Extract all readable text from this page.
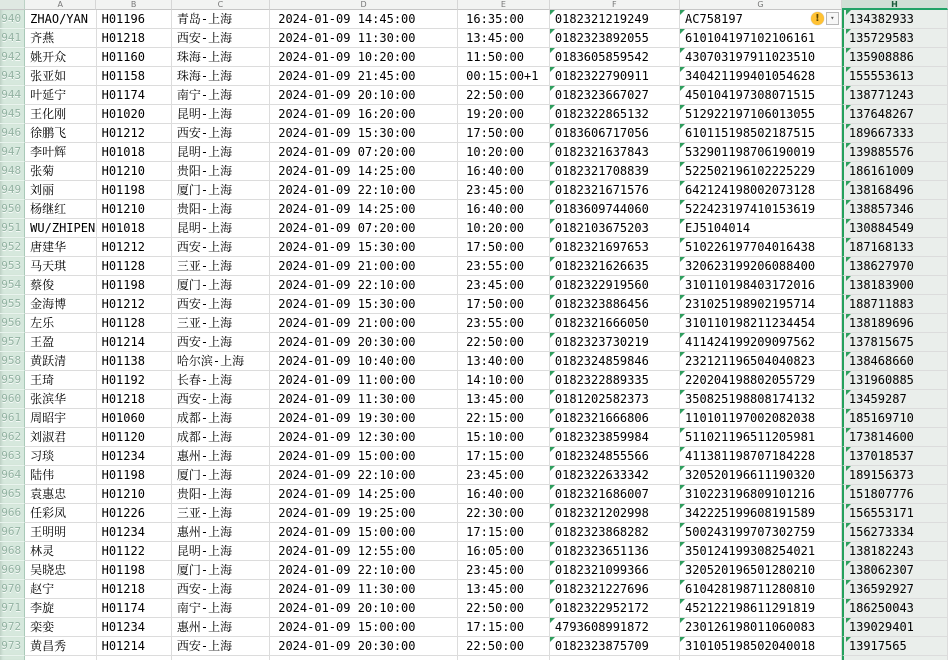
A	B	C	D	E	F	G	H
940 ZHAO/YAN	H01196	青岛-上海	2024-01-09 14:45:00	16:35:00	0182321219249	AC758197	!	▾	134382933
941 齐燕	H01218	西安-上海	2024-01-09 11:30:00	13:45:00	0182323892055	610104197102106161	135729583
942 姚开众	H01160	珠海-上海	2024-01-09 10:20:00	11:50:00	0183605859542	430703197911023510	135908886
943 张亚如	H01158	珠海-上海	2024-01-09 21:45:00	00:15:00+1	0182322790911	340421199401054628	155553613
944 叶延宁	H01174	南宁-上海	2024-01-09 20:10:00	22:50:00	0182323667027	450104197308071515	138771243
945 王化刚	H01020	昆明-上海	2024-01-09 16:20:00	19:20:00	0182322865132	512922197106013055	137648267
946 徐鹏飞	H01212	西安-上海	2024-01-09 15:30:00	17:50:00	0183606717056	610115198502187515	189667333
947 李叶辉	H01018	昆明-上海	2024-01-09 07:20:00	10:20:00	0182321637843	532901198706190019	139885576
948 张菊	H01210	贵阳-上海	2024-01-09 14:25:00	16:40:00	0182321708839	522502196102225229	186161009
949 刘丽	H01198	厦门-上海	2024-01-09 22:10:00	23:45:00	0182321671576	642124198002073128	138168496
950 杨继红	H01210	贵阳-上海	2024-01-09 14:25:00	16:40:00	0183609744060	522423197410153619	138857346
951 WU/ZHIPEN H01018	昆明-上海	2024-01-09 07:20:00	10:20:00	0182103675203	EJ5104014	130884549
952 唐建华	H01212	西安-上海	2024-01-09 15:30:00	17:50:00	0182321697653	510226197704016438	187168133
953 马天琪	H01128	三亚-上海	2024-01-09 21:00:00	23:55:00	0182321626635	320623199206088400	138627970
954 蔡俊	H01198	厦门-上海	2024-01-09 22:10:00	23:45:00	0182322919560	310110198403172016	138183900
955 金海博	H01212	西安-上海	2024-01-09 15:30:00	17:50:00	0182323886456	231025198902195714	188711883
956 左乐	H01128	三亚-上海	2024-01-09 21:00:00	23:55:00	0182321666050	310110198211234454	138189696
957 王盈	H01214	西安-上海	2024-01-09 20:30:00	22:50:00	0182323730219	411424199209097562	137815675
958 黄跃清	H01138	哈尔滨-上海	2024-01-09 10:40:00	13:40:00	0182324859846	232121196504040823	138468660
959 王琦	H01192	长春-上海	2024-01-09 11:00:00	14:10:00	0182322889335	220204198802055729	131960885
960 张滨华	H01218	西安-上海	2024-01-09 11:30:00	13:45:00	0181202582373	350825198808174132	13459287
961 周昭宇	H01060	成都-上海	2024-01-09 19:30:00	22:15:00	0182321666806	110101197002082038	185169710
962 刘淑君	H01120	成都-上海	2024-01-09 12:30:00	15:10:00	0182323859984	511021196511205981	173814600
963 习琰	H01234	惠州-上海	2024-01-09 15:00:00	17:15:00	0182324855566	411381198707184228	137018537
964 陆伟	H01198	厦门-上海	2024-01-09 22:10:00	23:45:00	0182322633342	320520196611190320	189156373
965 袁惠忠	H01210	贵阳-上海	2024-01-09 14:25:00	16:40:00	0182321686007	310223196809101216	151807776
966 任彩凤	H01226	三亚-上海	2024-01-09 19:25:00	22:30:00	0182321202998	342225199608191589	156553171
967 王明明	H01234	惠州-上海	2024-01-09 15:00:00	17:15:00	0182323868282	500243199707302759	156273334
968 林灵	H01122	昆明-上海	2024-01-09 12:55:00	16:05:00	0182323651136	350124199308254021	138182243
969 吴晓忠	H01198	厦门-上海	2024-01-09 22:10:00	23:45:00	0182321099366	320520196501280210	138062307
970 赵宁	H01218	西安-上海	2024-01-09 11:30:00	13:45:00	0182321227696	610428198711280810	136592927
971 李旋	H01174	南宁-上海	2024-01-09 20:10:00	22:50:00	0182322952172	452122198611291819	186250043
972 栾娈	H01234	惠州-上海	2024-01-09 15:00:00	17:15:00	4793608991872	230126198011060083	139029401
973 黄昌秀	H01214	西安-上海	2024-01-09 20:30:00	22:50:00	0182323875709	310105198502040018	13917565
